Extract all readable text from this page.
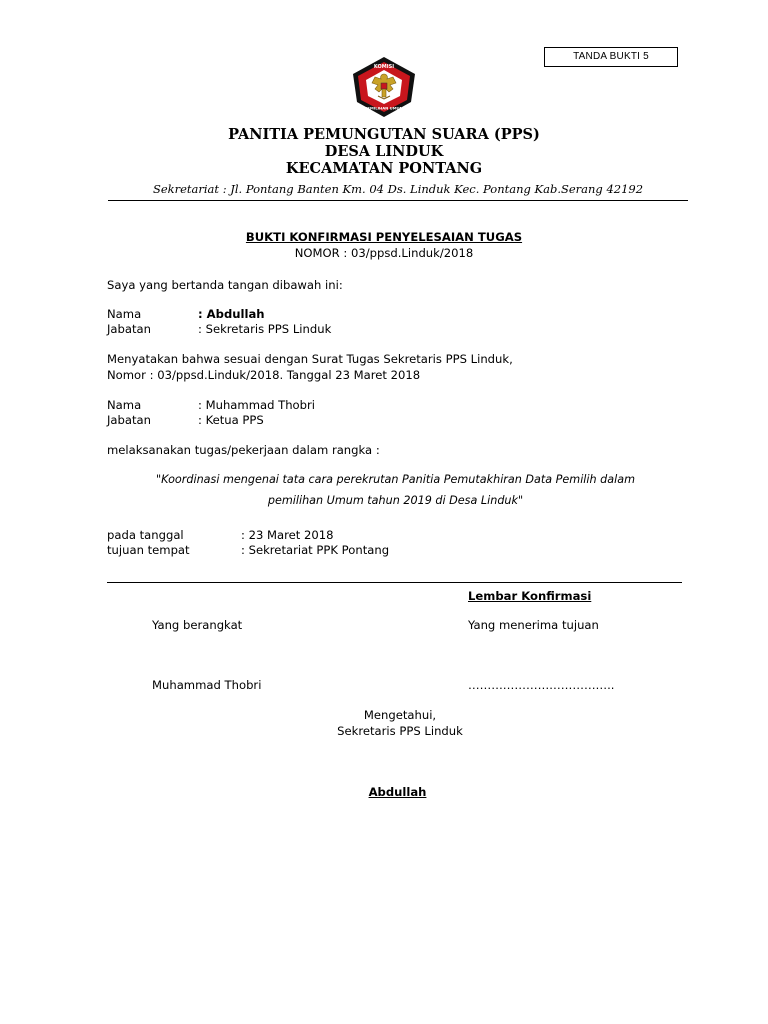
TANDA BUKTI 5
KOMISI
PEMILIHAN UMUM
PANITIA PEMUNGUTAN SUARA (PPS)
DESA LINDUK
KECAMATAN PONTANG
Sekretariat : Jl. Pontang Banten Km. 04 Ds. Linduk Kec. Pontang Kab.Serang 42192
BUKTI KONFIRMASI PENYELESAIAN TUGAS
NOMOR : 03/ppsd.Linduk/2018
Saya yang bertanda tangan dibawah ini:
Nama	: Abdullah
Jabatan	: Sekretaris PPS Linduk
Menyatakan bahwa sesuai dengan Surat Tugas Sekretaris PPS Linduk,
Nomor : 03/ppsd.Linduk/2018. Tanggal 23 Maret 2018
Nama	: Muhammad Thobri
Jabatan	: Ketua PPS
melaksanakan tugas/pekerjaan dalam rangka :
"Koordinasi mengenai tata cara perekrutan Panitia Pemutakhiran Data Pemilih dalam
pemilihan Umum tahun 2019 di Desa Linduk"
pada tanggal	: 23 Maret 2018
tujuan tempat	: Sekretariat PPK Pontang
Lembar Konfirmasi
Yang berangkat	Yang menerima tujuan
Muhammad Thobri	………………………………..
Mengetahui,
Sekretaris PPS Linduk
Abdullah
